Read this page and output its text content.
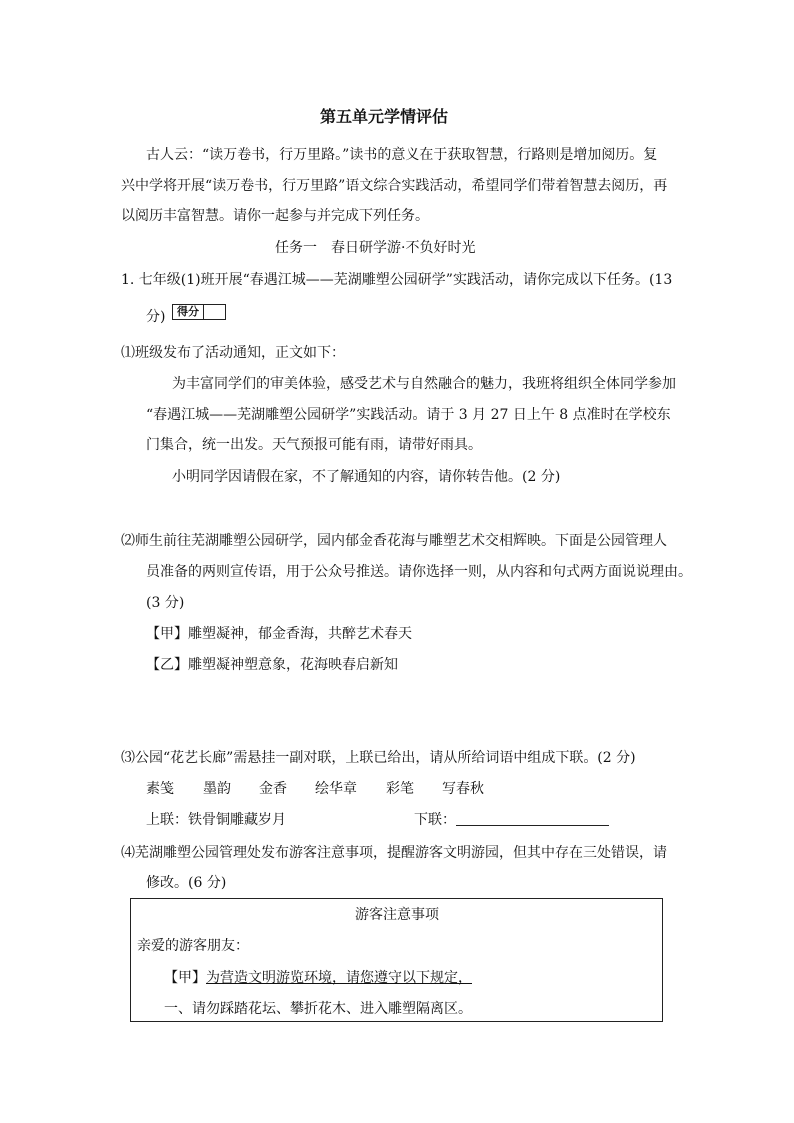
第五单元学情评估
古人云：“读万卷书，行万里路。”读书的意义在于获取智慧，行路则是增加阅历。复
兴中学将开展“读万卷书，行万里路”语文综合实践活动，希望同学们带着智慧去阅历，再
以阅历丰富智慧。请你一起参与并完成下列任务。
任务一　春日研学游·不负好时光
1. 七年级(1)班开展“春遇江城——芜湖雕塑公园研学”实践活动，请你完成以下任务。(13
分)	得分
⑴班级发布了活动通知，正文如下：
为丰富同学们的审美体验，感受艺术与自然融合的魅力，我班将组织全体同学参加
“春遇江城——芜湖雕塑公园研学”实践活动。请于 3 月 27 日上午 8 点准时在学校东
门集合，统一出发。天气预报可能有雨，请带好雨具。
小明同学因请假在家，不了解通知的内容，请你转告他。(2 分)
⑵师生前往芜湖雕塑公园研学，园内郁金香花海与雕塑艺术交相辉映。下面是公园管理人
员准备的两则宣传语，用于公众号推送。请你选择一则，从内容和句式两方面说说理由。
(3 分)
【甲】雕塑凝神，郁金香海，共醉艺术春天
【乙】雕塑凝神塑意象，花海映春启新知
⑶公园“花艺长廊”需悬挂一副对联，上联已给出，请从所给词语中组成下联。(2 分)
素笺 墨韵 金香 绘华章 彩笔 写春秋
上联：铁骨铜雕藏岁月	下联：
⑷芜湖雕塑公园管理处发布游客注意事项，提醒游客文明游园，但其中存在三处错误，请
修改。(6 分)
游客注意事项
亲爱的游客朋友：
【甲】为营造文明游览环境，请您遵守以下规定，
一、请勿踩踏花坛、攀折花木、进入雕塑隔离区。
